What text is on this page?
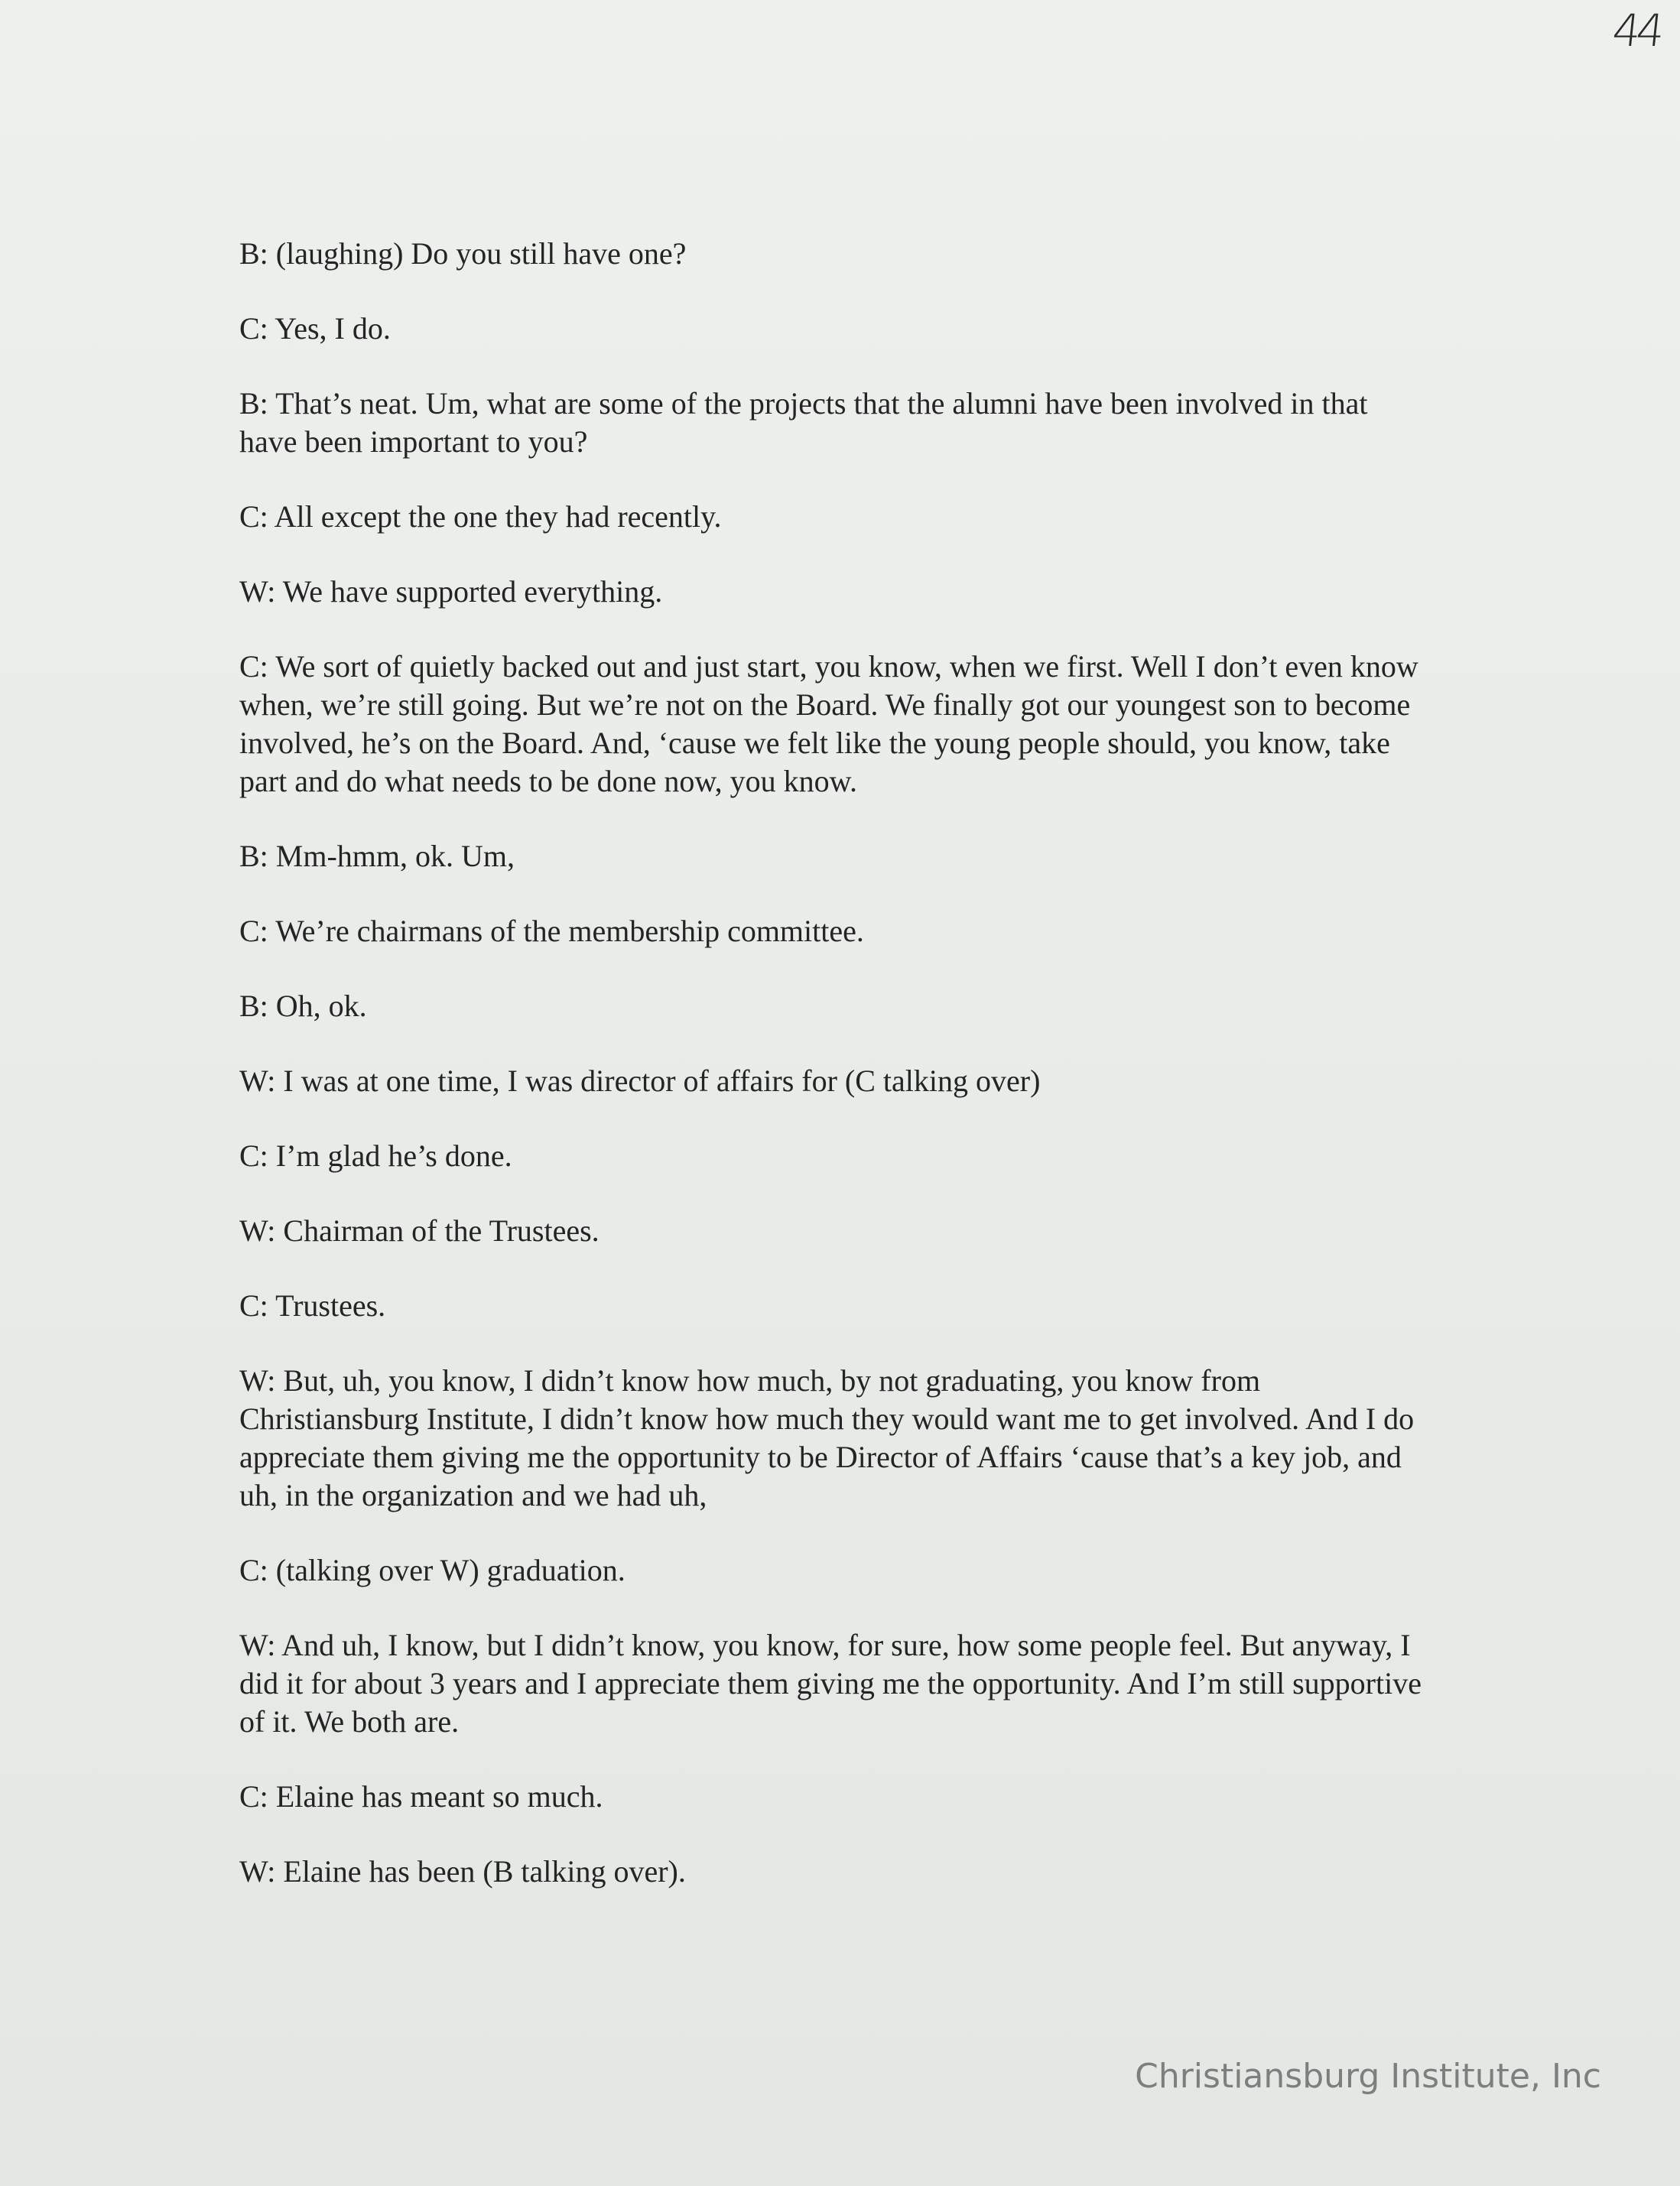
44

B: (laughing) Do you still have one?

C: Yes, I do.

B: That’s neat. Um, what are some of the projects that the alumni have been involved in that have been important to you?

C: All except the one they had recently.

W: We have supported everything.

C: We sort of quietly backed out and just start, you know, when we first. Well I don’t even know when, we’re still going. But we’re not on the Board. We finally got our youngest son to become involved, he’s on the Board. And, ‘cause we felt like the young people should, you know, take part and do what needs to be done now, you know.

B: Mm-hmm, ok. Um,

C: We’re chairmans of the membership committee.

B: Oh, ok.

W: I was at one time, I was director of affairs for (C talking over)

C: I’m glad he’s done.

W: Chairman of the Trustees.

C: Trustees.

W: But, uh, you know, I didn’t know how much, by not graduating, you know from Christiansburg Institute, I didn’t know how much they would want me to get involved. And I do appreciate them giving me the opportunity to be Director of Affairs ‘cause that’s a key job, and uh, in the organization and we had uh,

C: (talking over W) graduation.

W: And uh, I know, but I didn’t know, you know, for sure, how some people feel. But anyway, I did it for about 3 years and I appreciate them giving me the opportunity. And I’m still supportive of it. We both are.

C: Elaine has meant so much.

W: Elaine has been (B talking over).

Christiansburg Institute, Inc
